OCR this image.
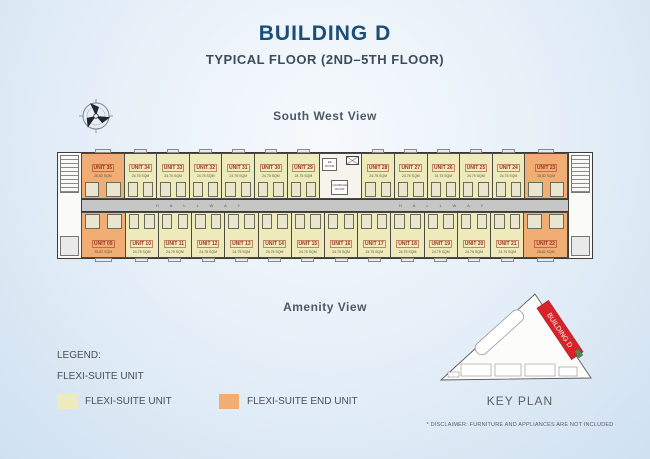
BUILDING D
TYPICAL FLOOR (2ND–5TH FLOOR)
South West View
UNIT 35
28.82 SQM
UNIT 34
24.75 SQM
UNIT 33
24.75 SQM
UNIT 32
24.75 SQM
UNIT 31
24.75 SQM
UNIT 30
24.75 SQM
UNIT 29
24.75 SQM
EE ROOM
GARBAGE ROOM
UNIT 28
24.75 SQM
UNIT 27
24.75 SQM
UNIT 26
24.75 SQM
UNIT 25
24.75 SQM
UNIT 24
24.75 SQM
UNIT 23
28.82 SQM
HALLWAY	HALLWAY
UNIT 09
28.82 SQM
UNIT 10
24.75 SQM
UNIT 11
24.75 SQM
UNIT 12
24.75 SQM
UNIT 13
24.75 SQM
UNIT 14
24.75 SQM
UNIT 15
24.75 SQM
UNIT 16
24.75 SQM
UNIT 17
24.75 SQM
UNIT 18
24.75 SQM
UNIT 19
24.75 SQM
UNIT 20
24.75 SQM
UNIT 21
24.75 SQM
UNIT 22
28.82 SQM
Amenity View
LEGEND:
FLEXI-SUITE UNIT
FLEXI-SUITE UNIT	FLEXI-SUITE END UNIT
BUILDING D
KEY PLAN
* DISCLAIMER: FURNITURE AND APPLIANCES ARE NOT INCLUDED
